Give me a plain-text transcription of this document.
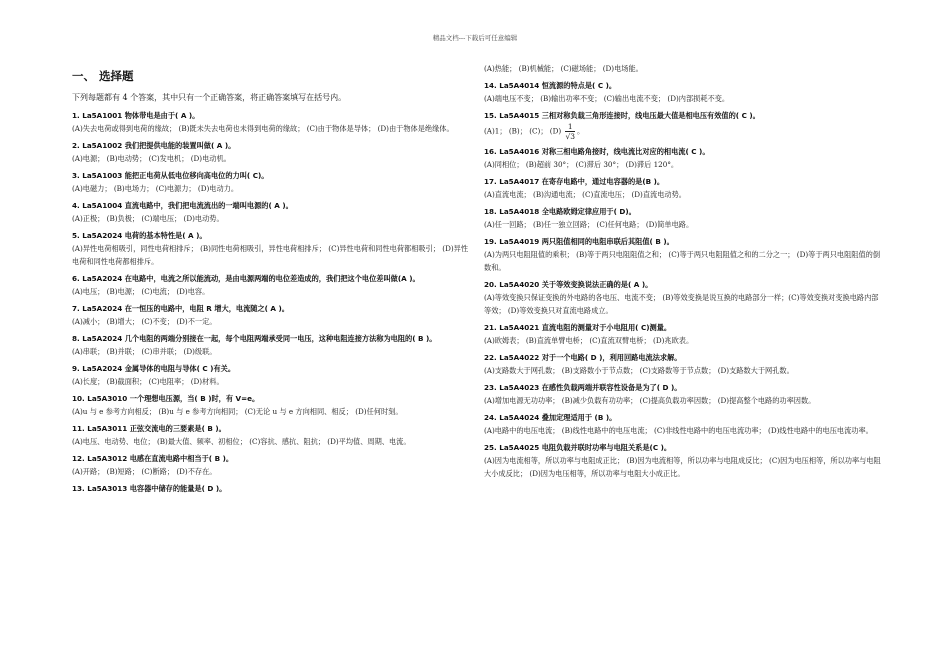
精品文档---下载后可任意编辑
一、 选择题
下列每题都有 4 个答案，其中只有一个正确答案，将正确答案填写在括号内。

1. La5A1001 物体带电是由于( A )。

(A)失去电荷或得到电荷的缘故； (B)既未失去电荷也未得到电荷的缘故； (C)由于物体是导体； (D)由于物体是绝缘体。

2. La5A1002 我们把提供电能的装置叫做( A )。

(A)电源； (B)电动势； (C)发电机； (D)电动机。

3. La5A1003 能把正电荷从低电位移向高电位的力叫( C)。

(A)电磁力； (B)电场力； (C)电源力； (D)电动力。

4. La5A1004 直流电路中，我们把电流流出的一端叫电源的( A )。

(A)正极； (B)负极； (C)端电压； (D)电动势。

5. La5A2024 电荷的基本特性是( A )。

(A)异性电荷相吸引，同性电荷相排斥； (B)同性电荷相吸引，异性电荷相排斥； (C)异性电荷和同性电荷都相吸引； (D)异性电荷和同性电荷都相排斥。

6. La5A2024 在电路中，电流之所以能流动，是由电源两端的电位差造成的，我们把这个电位差叫做(A )。

(A)电压； (B)电源； (C)电流； (D)电容。

7. La5A2024 在一恒压的电路中，电阻 R 增大，电流随之( A )。

(A)减小； (B)增大； (C)不变； (D)不一定。

8. La5A2024 几个电阻的两端分别接在一起，每个电阻两端承受同一电压，这种电阻连接方法称为电阻的( B )。

(A)串联； (B)并联； (C)串并联； (D)级联。

9. La5A2024 金属导体的电阻与导体( C )有关。

(A)长度； (B)截面积； (C)电阻率； (D)材料。

10. La5A3010 一个理想电压源，当( B )时，有 V=e。

(A)u 与 e 参考方向相反； (B)u 与 e 参考方向相同； (C)无论 u 与 e 方向相同、相反； (D)任何时刻。

11. La5A3011 正弦交流电的三要素是( B )。

(A)电压、电动势、电位； (B)最大值、频率、初相位； (C)容抗、感抗、阻抗； (D)平均值、周期、电流。

12. La5A3012 电感在直流电路中相当于( B )。

(A)开路； (B)短路； (C)断路； (D)不存在。

13. La5A3013 电容器中储存的能量是( D )。

(A)热能； (B)机械能； (C)磁场能； (D)电场能。

14. La5A4014 恒流源的特点是( C )。

(A)端电压不变； (B)输出功率不变； (C)输出电流不变； (D)内部损耗不变。

15. La5A4015 三相对称负载三角形连接时，线电压最大值是相电压有效值的( C )。

(A)1； (B)； (C)； $(D) \frac{1}{√3}$ 。

16. La5A4016 对称三相电路角接时，线电流比对应的相电流( C )。

(A)同相位； (B)超前 30°； (C)滞后 30°； (D)滞后 120°。

17. La5A4017 在寄存电路中，通过电容器的是(B )。

(A)直流电流； (B)沟通电流； (C)直流电压； (D)直流电动势。

18. La5A4018 全电路欧姆定律应用于( D)。

(A)任一回路； (B)任一独立回路； (C)任何电路； (D)简单电路。

19. La5A4019 两只阻值相同的电阻串联后其阻值( B )。

(A)为两只电阻阻值的乘积； (B)等于两只电阻阻值之和； (C)等于两只电阻阻值之和的二分之一； (D)等于两只电阻阻值的倒数和。

20. La5A4020 关于等效变换说法正确的是( A )。

(A)等效变换只保证变换的外电路的各电压、电流不变； (B)等效变换是说互换的电路部分一样；(C)等效变换对变换电路内部等效； (D)等效变换只对直流电路成立。

21. La5A4021 直流电阻的测量对于小电阻用( C)测量。

(A)欧姆表； (B)直流单臂电桥； (C)直流双臂电桥； (D)兆欧表。

22. La5A4022 对于一个电路( D )，利用回路电流法求解。

(A)支路数大于网孔数； (B)支路数小于节点数； (C)支路数等于节点数； (D)支路数大于网孔数。

23. La5A4023 在感性负载两端并联容性设备是为了( D )。

(A)增加电源无功功率； (B)减少负载有功功率； (C)提高负载功率因数； (D)提高整个电路的功率因数。

24. La5A4024 叠加定理适用于 (B )。

(A)电路中的电压电流； (B)线性电路中的电压电流； (C)非线性电路中的电压电流功率； (D)线性电路中的电压电流功率。

25. La5A4025 电阻负载并联时功率与电阻关系是(C )。

(A)因为电流相等，所以功率与电阻成正比； (B)因为电流相等，所以功率与电阻成反比； (C)因为电压相等，所以功率与电阻大小成反比； (D)因为电压相等，所以功率与电阻大小成正比。
